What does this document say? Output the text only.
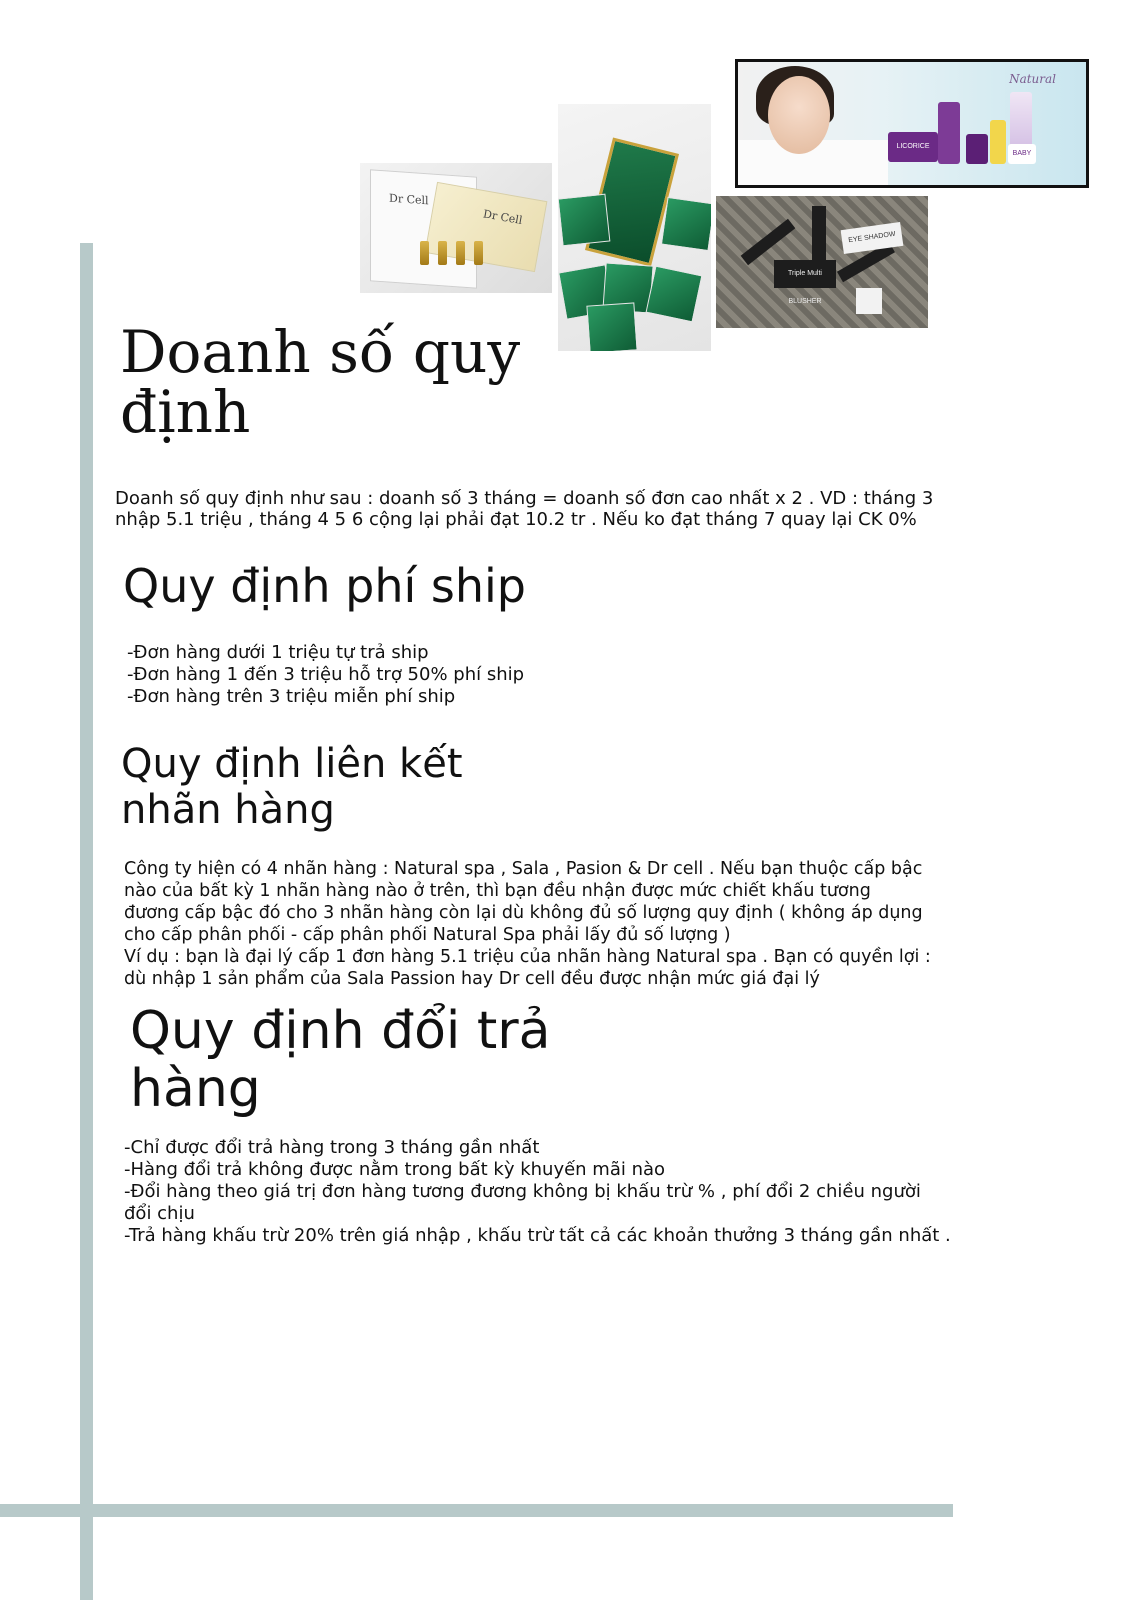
Dr Cell
Dr Cell
EYE SHADOW
Triple Multi BLUSHER
Natural
LICORICE
BABY
Doanh số quy
định
Doanh số quy định như sau : doanh số 3 tháng = doanh số đơn cao nhất x 2 . VD : tháng 3
nhập 5.1 triệu , tháng 4 5 6 cộng lại phải đạt 10.2 tr . Nếu ko đạt tháng 7 quay lại CK 0%
Quy định phí ship
-Đơn hàng dưới 1 triệu tự trả ship
-Đơn hàng 1 đến 3 triệu hỗ trợ 50% phí ship
-Đơn hàng trên 3 triệu miễn phí ship
Quy định liên kết
nhãn hàng
Công ty hiện có 4 nhãn hàng : Natural spa , Sala , Pasion & Dr cell . Nếu bạn thuộc cấp bậc
nào của bất kỳ 1 nhãn hàng nào ở trên, thì bạn đều nhận được mức chiết khấu tương
đương cấp bậc đó cho 3 nhãn hàng còn lại dù không đủ số lượng quy định ( không áp dụng
cho cấp phân phối - cấp phân phối Natural Spa phải lấy đủ số lượng )
Ví dụ : bạn là đại lý cấp 1 đơn hàng 5.1 triệu của nhãn hàng Natural spa . Bạn có quyền lợi :
dù nhập 1 sản phẩm của Sala Passion hay Dr cell đều được nhận mức giá đại lý
Quy định đổi trả
hàng
-Chỉ được đổi trả hàng trong 3 tháng gần nhất
-Hàng đổi trả không được nằm trong bất kỳ khuyến mãi nào
-Đổi hàng theo giá trị đơn hàng tương đương không bị khấu trừ % , phí đổi 2 chiều người
đổi chịu
-Trả hàng khấu trừ 20% trên giá nhập , khấu trừ tất cả các khoản thưởng 3 tháng gần nhất .
